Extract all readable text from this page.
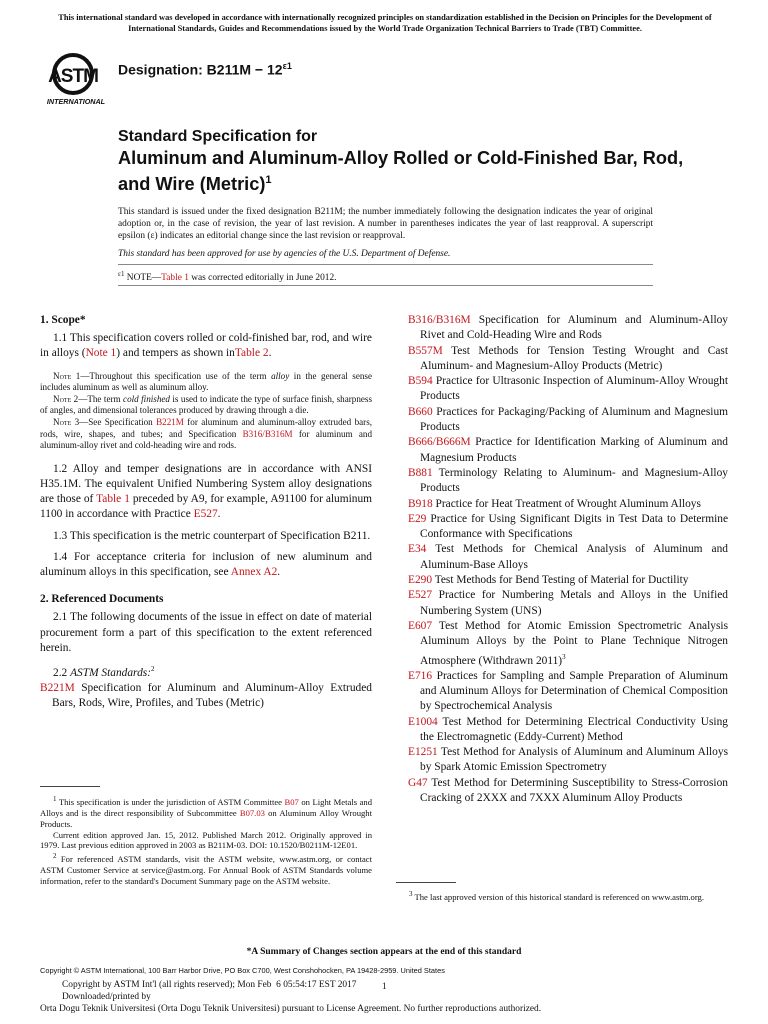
This international standard was developed in accordance with internationally recognized principles on standardization established in the Decision on Principles for the Development of International Standards, Guides and Recommendations issued by the World Trade Organization Technical Barriers to Trade (TBT) Committee.
ASTM
INTERNATIONAL
Designation: $B211M - 12^{\varepsilon 1}$
Standard Specification for
Aluminum and Aluminum-Alloy Rolled or Cold-Finished Bar, Rod, and Wire (Metric)$^1$
This standard is issued under the fixed designation B211M; the number immediately following the designation indicates the year of original adoption or, in the case of revision, the year of last revision. A number in parentheses indicates the year of last reapproval. A superscript epsilon (ε) indicates an editorial change since the last revision or reapproval.
This standard has been approved for use by agencies of the U.S. Department of Defense.
$^{\varepsilon 1}$ NOTE—Table 1 was corrected editorially in June 2012.
1. Scope*

1.1 This specification covers rolled or cold-finished bar, rod, and wire in alloys (Note 1) and tempers as shown inTable 2.

Note 1—Throughout this specification use of the term alloy in the general sense includes aluminum as well as aluminum alloy.

Note 2—The term cold finished is used to indicate the type of surface finish, sharpness of angles, and dimensional tolerances produced by drawing through a die.

Note 3—See Specification B221M for aluminum and aluminum-alloy extruded bars, rods, wire, shapes, and tubes; and Specification B316/B316M for aluminum and aluminum-alloy rivet and cold-heading wire and rods.

1.2 Alloy and temper designations are in accordance with ANSI H35.1M. The equivalent Unified Numbering System alloy designations are those of Table 1 preceded by A9, for example, A91100 for aluminum 1100 in accordance with Practice E527.

1.3 This specification is the metric counterpart of Specification B211.

1.4 For acceptance criteria for inclusion of new aluminum and aluminum alloys in this specification, see Annex A2.

2. Referenced Documents

2.1 The following documents of the issue in effect on date of material procurement form a part of this specification to the extent referenced herein.

2.2 ASTM Standards:$^2$

B221M Specification for Aluminum and Aluminum-Alloy Extruded Bars, Rods, Wire, Profiles, and Tubes (Metric)

B316/B316M Specification for Aluminum and Aluminum-Alloy Rivet and Cold-Heading Wire and Rods

B557M Test Methods for Tension Testing Wrought and Cast Aluminum- and Magnesium-Alloy Products (Metric)

B594 Practice for Ultrasonic Inspection of Aluminum-Alloy Wrought Products

B660 Practices for Packaging/Packing of Aluminum and Magnesium Products

B666/B666M Practice for Identification Marking of Aluminum and Magnesium Products

B881 Terminology Relating to Aluminum- and Magnesium-Alloy Products

B918 Practice for Heat Treatment of Wrought Aluminum Alloys

E29 Practice for Using Significant Digits in Test Data to Determine Conformance with Specifications

E34 Test Methods for Chemical Analysis of Aluminum and Aluminum-Base Alloys

E290 Test Methods for Bend Testing of Material for Ductility

E527 Practice for Numbering Metals and Alloys in the Unified Numbering System (UNS)

E607 Test Method for Atomic Emission Spectrometric Analysis Aluminum Alloys by the Point to Plane Technique Nitrogen Atmosphere (Withdrawn 2011)$^3$

E716 Practices for Sampling and Sample Preparation of Aluminum and Aluminum Alloys for Determination of Chemical Composition by Spectrochemical Analysis

E1004 Test Method for Determining Electrical Conductivity Using the Electromagnetic (Eddy-Current) Method

E1251 Test Method for Analysis of Aluminum and Aluminum Alloys by Spark Atomic Emission Spectrometry

G47 Test Method for Determining Susceptibility to Stress-Corrosion Cracking of 2XXX and 7XXX Aluminum Alloy Products

$^1$ This specification is under the jurisdiction of ASTM Committee B07 on Light Metals and Alloys and is the direct responsibility of Subcommittee B07.03 on Aluminum Alloy Wrought Products.

Current edition approved Jan. 15, 2012. Published March 2012. Originally approved in 1979. Last previous edition approved in 2003 as B211M-03. DOI: 10.1520/B0211M-12E01.

$^2$ For referenced ASTM standards, visit the ASTM website, www.astm.org, or contact ASTM Customer Service at service@astm.org. For Annual Book of ASTM Standards volume information, refer to the standard's Document Summary page on the ASTM website.

$^3$ The last approved version of this historical standard is referenced on www.astm.org.
*A Summary of Changes section appears at the end of this standard
Copyright © ASTM International, 100 Barr Harbor Drive, PO Box C700, West Conshohocken, PA 19428-2959. United States
Copyright by ASTM Int'l (all rights reserved); Mon Feb  6 05:54:17 EST 2017
Downloaded/printed by
Orta Dogu Teknik Universitesi (Orta Dogu Teknik Universitesi) pursuant to License Agreement. No further reproductions authorized.
1
